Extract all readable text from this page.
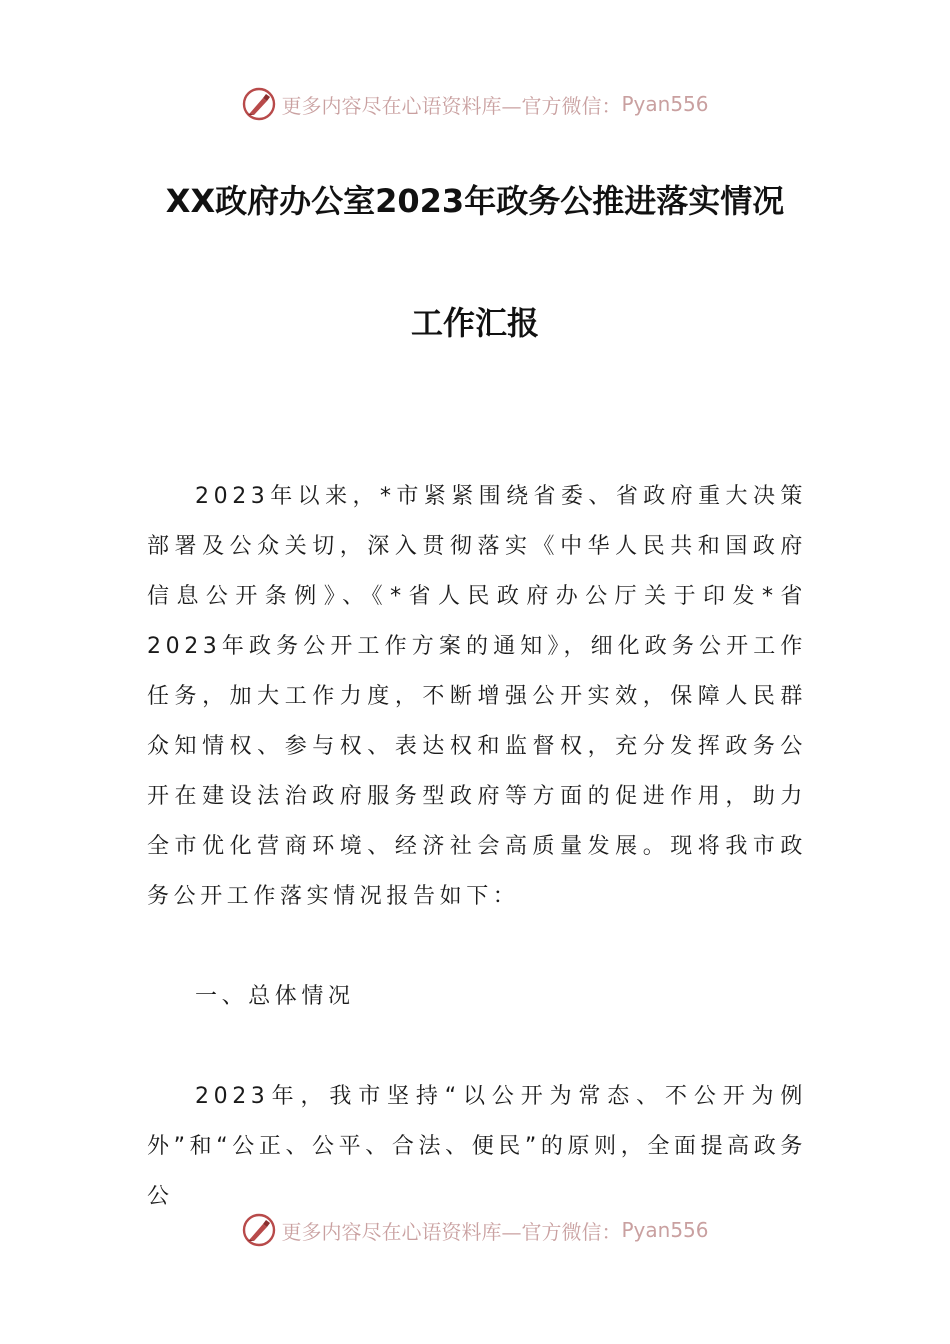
更多内容尽在心语资料库—官方微信： Pyan556
XX政府办公室2023年政务公推进落实情况
工作汇报

2023年以来，*市紧紧围绕省委、省政府重大决策部署及公众关切，深入贯彻落实《中华人民共和国政府信息公开条例》、《*省人民政府办公厅关于印发*省2023年政务公开工作方案的通知》，细化政务公开工作任务，加大工作力度，不断增强公开实效，保障人民群众知情权、参与权、表达权和监督权，充分发挥政务公开在建设法治政府服务型政府等方面的促进作用，助力全市优化营商环境、经济社会高质量发展。现将我市政务公开工作落实情况报告如下：

一、总体情况

2023年，我市坚持“以公开为常态、不公开为例外”和“公正、公平、合法、便民”的原则，全面提高政务公

更多内容尽在心语资料库—官方微信： Pyan556
